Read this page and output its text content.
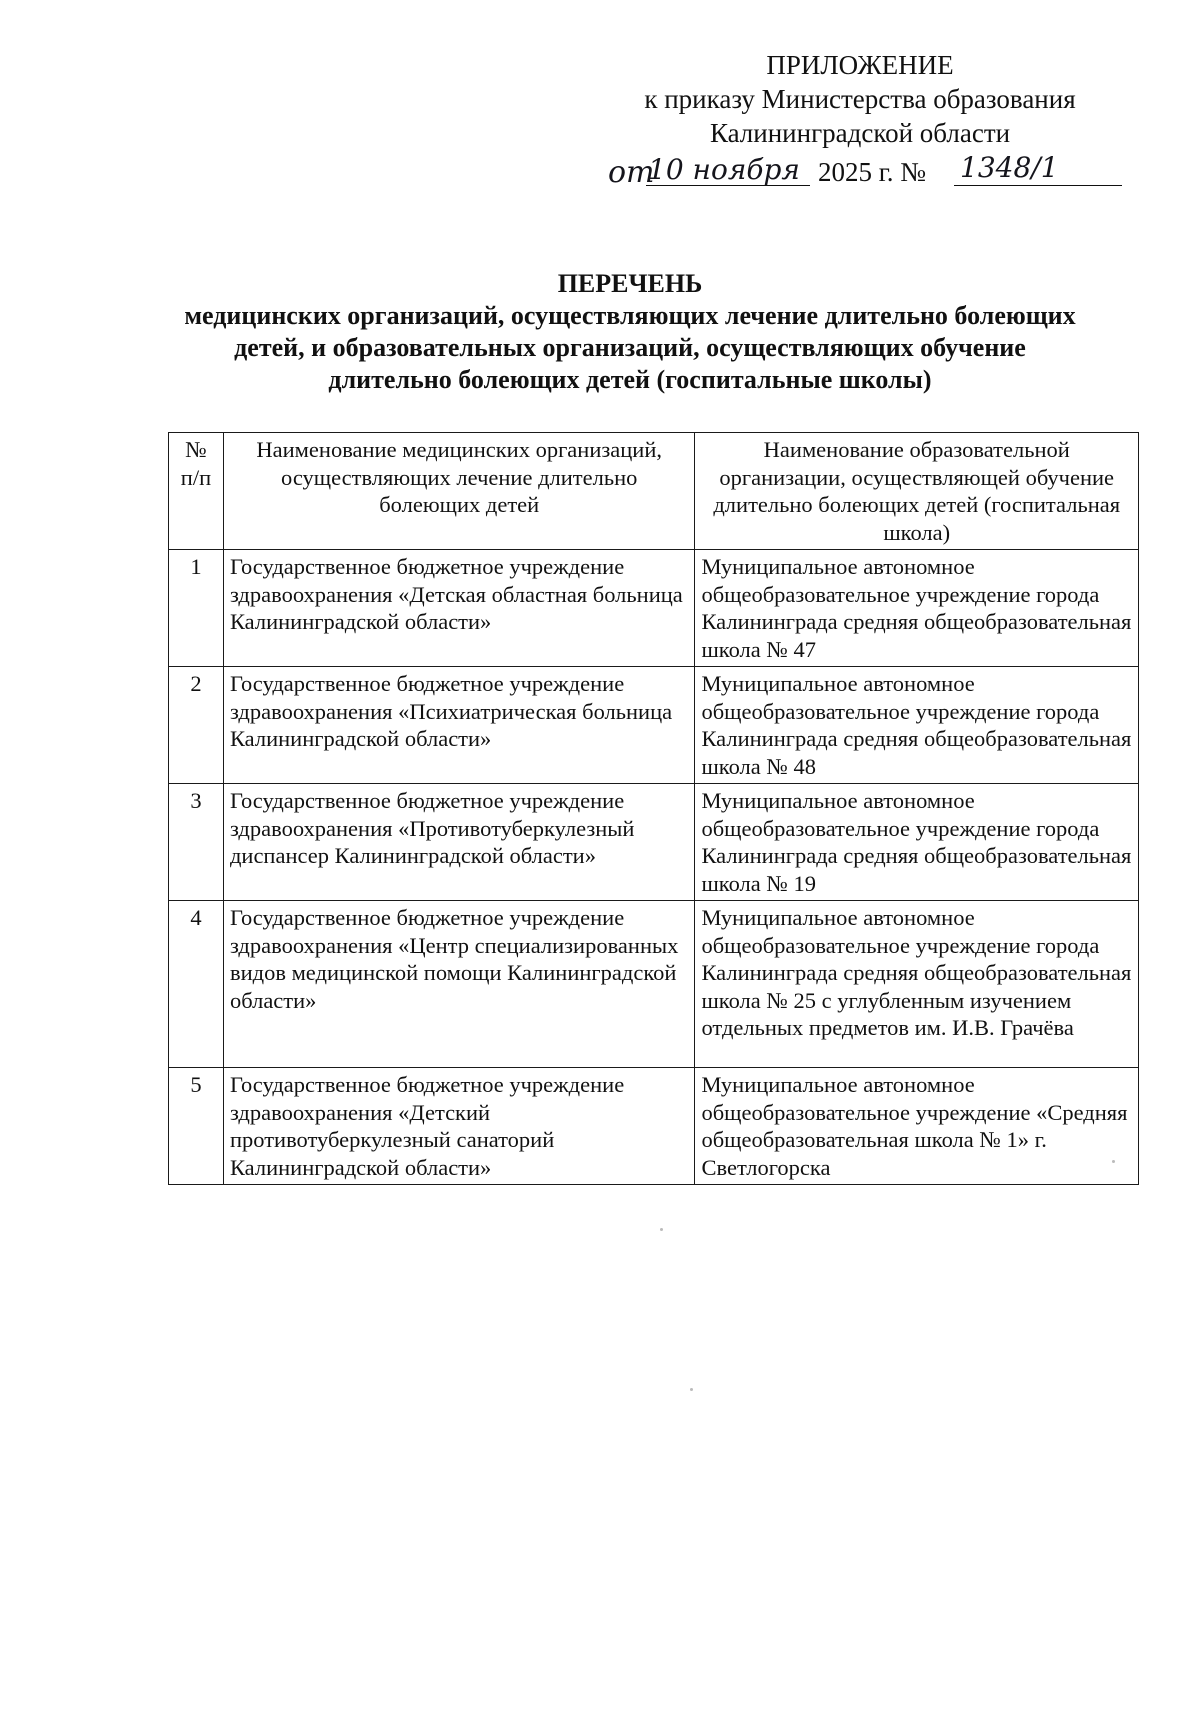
ПРИЛОЖЕНИЕ

к приказу Министерства образования

Калининградской области

от
10 ноября 2025 г. № 1348/1

ПЕРЕЧЕНЬ

медицинских организаций, осуществляющих лечение длительно болеющих

детей, и образовательных организаций, осуществляющих обучение

длительно болеющих детей (госпитальные школы)

№ п/п	Наименование медицинских организаций, осуществляющих лечение длительно болеющих детей	Наименование образовательной организации, осуществляющей обучение длительно болеющих детей (госпитальная школа)
1	Государственное бюджетное учреждение здравоохранения «Детская областная больница Калининградской области»	Муниципальное автономное общеобразовательное учреждение города Калининграда средняя общеобразовательная школа № 47
2	Государственное бюджетное учреждение здравоохранения «Психиатрическая больница Калининградской области»	Муниципальное автономное общеобразовательное учреждение города Калининграда средняя общеобразовательная школа № 48
3	Государственное бюджетное учреждение здравоохранения «Противотуберкулезный диспансер Калининградской области»	Муниципальное автономное общеобразовательное учреждение города Калининграда средняя общеобразовательная школа № 19
4	Государственное бюджетное учреждение здравоохранения «Центр специализированных видов медицинской помощи Калининградской области»	Муниципальное автономное общеобразовательное учреждение города Калининграда средняя общеобразовательная школа № 25 с углубленным изучением отдельных предметов им. И.В. Грачёва
5	Государственное бюджетное учреждение здравоохранения «Детский противотуберкулезный санаторий Калининградской области»	Муниципальное автономное общеобразовательное учреждение «Средняя общеобразовательная школа № 1» г. Светлогорска
